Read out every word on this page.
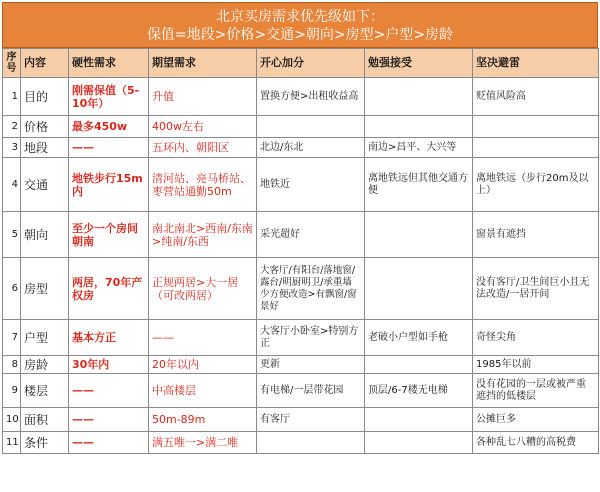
北京买房需求优先级如下：
保值=地段>价格>交通>朝向>房型>户型>房龄
序号	内容	硬性需求	期望需求	开心加分	勉强接受	坚决避雷
1	目的	刚需保值（5-10年）	升值	置换方便>出租收益高		贬值风险高
2	价格	最多450w	400w左右			
3	地段	——	五环内、朝阳区	北边/东北	南边>昌平、大兴等	
4	交通	地铁步行15m内	清河站、亮马桥站、枣营站通勤50m	地铁近	离地铁远但其他交通方便	离地铁远（步行20m及以上）
5	朝向	至少一个房间朝南	南北南北>西南/东南>纯南/东西	采光超好		窗景有遮挡
6	房型	两居，70年产权房	正规两居>大一居（可改两居）	大客厅/有阳台/落地窗/露台/明厨明卫/承重墙少方便改造>有飘窗/窗景好		没有客厅/卫生间巨小且无法改造/一居开间
7	户型	基本方正	——	大客厅小卧室>特别方正	老破小户型如手枪	奇怪尖角
8	房龄	30年内	20年以内	更新		1985年以前
9	楼层	——	中高楼层	有电梯/一层带花园	顶层/6-7楼无电梯	没有花园的一层或被严重遮挡的低楼层
10	面积	——	50m-89m	有客厅		公摊巨多
11	条件	——	满五唯一>满二唯			各种乱七八糟的高税费
